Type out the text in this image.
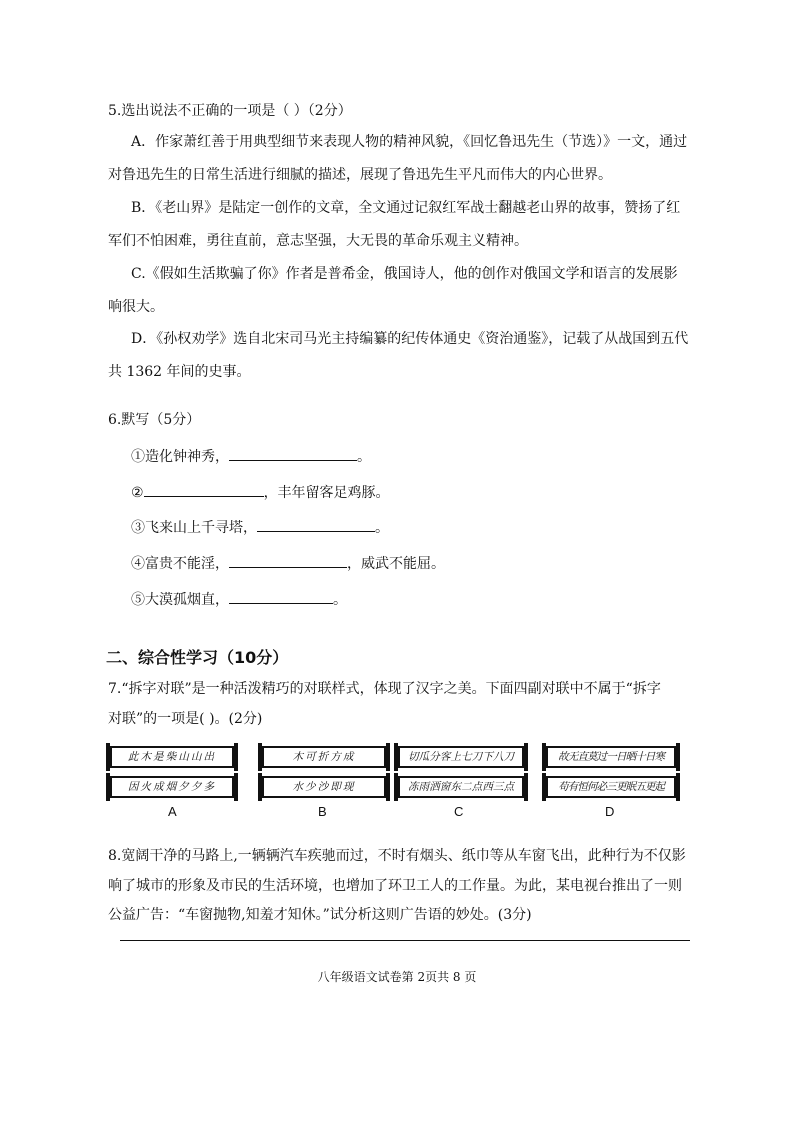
5.选出说法不正确的一项是（ ）（2分）
A．作家萧红善于用典型细节来表现人物的精神风貌，《回忆鲁迅先生（节选）》一文，通过
对鲁迅先生的日常生活进行细腻的描述，展现了鲁迅先生平凡而伟大的内心世界。
B．《老山界》是陆定一创作的文章，全文通过记叙红军战士翻越老山界的故事，赞扬了红
军们不怕困难，勇往直前，意志坚强，大无畏的革命乐观主义精神。
C.《假如生活欺骗了你》作者是普希金，俄国诗人，他的创作对俄国文学和语言的发展影
响很大。
D．《孙权劝学》选自北宋司马光主持编纂的纪传体通史《资治通鉴》，记载了从战国到五代
共 1362 年间的史事。
6.默写（5分）
①造化钟神秀，	。
②	，丰年留客足鸡豚。
③飞来山上千寻塔，	。
④富贵不能淫，	，威武不能屈。
⑤大漠孤烟直，	。
二、综合性学习（10分）
7.“拆字对联”是一种活泼精巧的对联样式，体现了汉字之美。下面四副对联中不属于“拆字
对联”的一项是( )。(2分)
此木是柴山山出
因火成烟夕夕多
A
木可折方成
水少沙即现
B
切瓜分客上七刀下八刀
冻雨洒窗东二点西三点
C
故无直莫过一日晒十日寒
苟有恒何必三更眠五更起
D
8.宽阔干净的马路上,一辆辆汽车疾驰而过，不时有烟头、纸巾等从车窗飞出，此种行为不仅影
响了城市的形象及市民的生活环境，也增加了环卫工人的工作量。为此，某电视台推出了一则
公益广告：“车窗抛物,知羞才知休。”试分析这则广告语的妙处。(3分)
八年级语文试卷第 2页共 8 页
